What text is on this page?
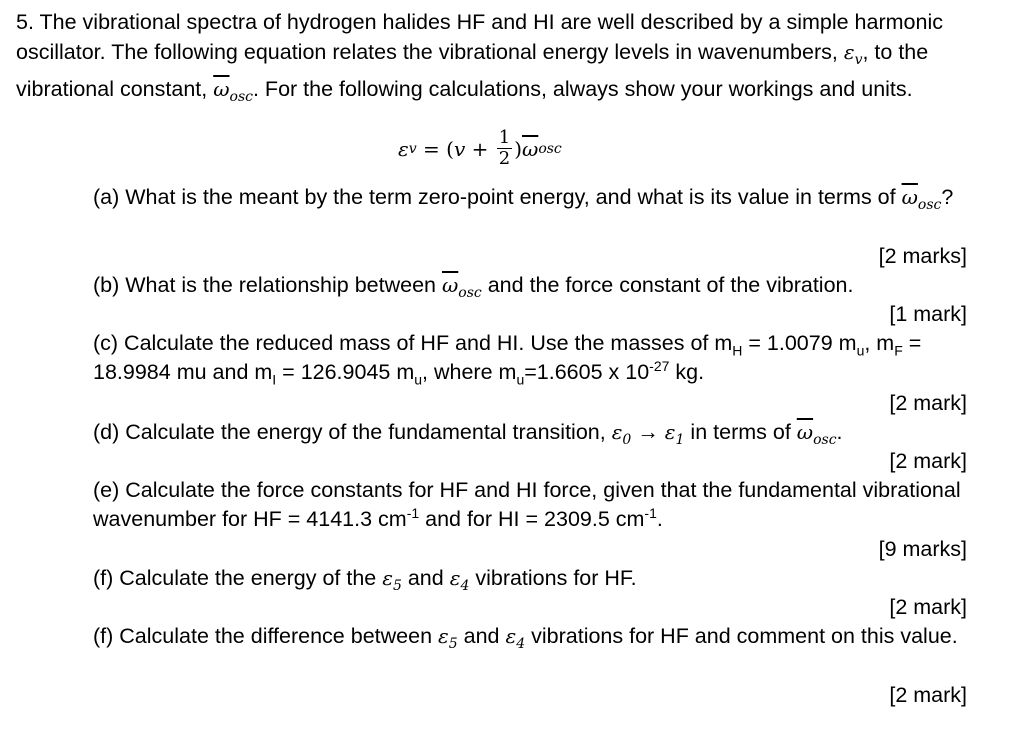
5. The vibrational spectra of hydrogen halides HF and HI are well described by a simple harmonic oscillator. The following equation relates the vibrational energy levels in wavenumbers, $\varepsilon_v$, to the vibrational constant, $\overline{\omega}_{osc}$. For the following calculations, always show your workings and units.

ε v = ( $v + \frac{1}{2}$ ) $\overline{\omega}$ osc

(a) What is the meant by the term zero-point energy, and what is its value in terms of $\overline{\omega}_{osc}$?

[2 marks]

(b) What is the relationship between $\overline{\omega}_{osc}$ and the force constant of the vibration.

[1 mark]

(c) Calculate the reduced mass of HF and HI. Use the masses of $m_H = 1.0079$ $m_u$, $m_F = 18.9984$ mu and $m_I = 126.9045$ $m_u$, where $m_u=1.6605$ x $10^{-27}$ kg.

[2 mark]

(d) Calculate the energy of the fundamental transition, $\varepsilon_0 \to \varepsilon_1$ in terms of $\overline{\omega}_{osc}$.

[2 mark]

(e) Calculate the force constants for HF and HI force, given that the fundamental vibrational wavenumber for HF = 4141.3 $cm^{-1}$ and for HI = 2309.5 $cm^{-1}$.

[9 marks]

(f) Calculate the energy of the $\varepsilon_5$ and $\varepsilon_4$ vibrations for HF.

[2 mark]

(f) Calculate the difference between $\varepsilon_5$ and $\varepsilon_4$ vibrations for HF and comment on this value.

[2 mark]
